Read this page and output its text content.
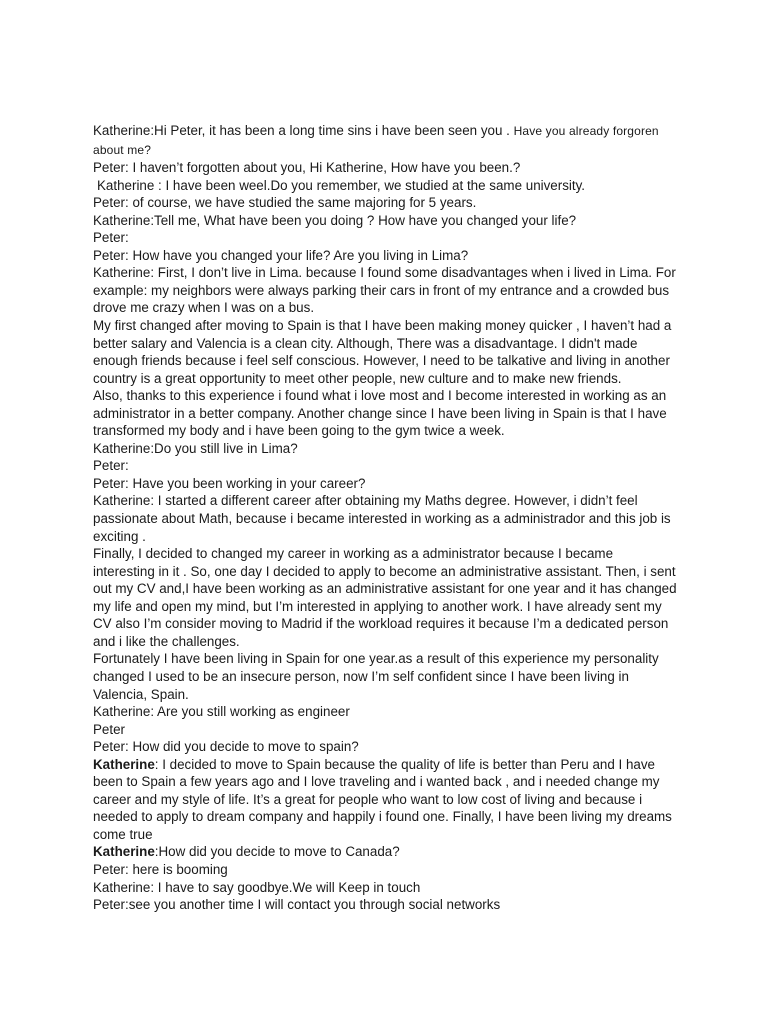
Katherine:Hi Peter, it has been a long time sins i have been seen you . Have you already forgoren about me?

Peter: I haven’t forgotten about you, Hi Katherine, How have you been.?

Katherine : I have been weel.Do you remember, we studied at the same university.

Peter: of course, we have studied the same majoring for 5 years.

Katherine:Tell me, What have been you doing ? How have you changed your life?

Peter:

Peter: How have you changed your life? Are you living in Lima?

Katherine: First, I don’t live in Lima. because I found some disadvantages when i lived in Lima. For example: my neighbors were always parking their cars in front of my entrance and a crowded bus drove me crazy when I was on a bus.

My first changed after moving to Spain is that I have been making money quicker , I haven’t had a better salary and Valencia is a clean city. Although, There was a disadvantage. I didn't made enough friends because i feel self conscious. However, I need to be talkative and living in another country is a great opportunity to meet other people, new culture and to make new friends.

Also, thanks to this experience i found what i love most and I become interested in working as an administrator in a better company. Another change since I have been living in Spain is that I have transformed my body and i have been going to the gym twice a week.

Katherine:Do you still live in Lima?

Peter:

Peter: Have you been working in your career?

Katherine: I started a different career after obtaining my Maths degree. However, i didn’t feel passionate about Math, because i became interested in working as a administrador and this job is exciting .

Finally, I decided to changed my career in working as a administrator because I became interesting in it . So, one day I decided to apply to become an administrative assistant. Then, i sent out my CV and,I have been working as an administrative assistant for one year and it has changed my life and open my mind, but I’m interested in applying to another work. I have already sent my CV also I’m consider moving to Madrid if the workload requires it because I’m a dedicated person and i like the challenges.

Fortunately I have been living in Spain for one year.as a result of this experience my personality changed I used to be an insecure person, now I’m self confident since I have been living in Valencia, Spain.

Katherine: Are you still working as engineer

Peter

Peter: How did you decide to move to spain?

Katherine: I decided to move to Spain because the quality of life is better than Peru and I have been to Spain a few years ago and I love traveling and i wanted back , and i needed change my career and my style of life. It’s a great for people who want to low cost of living and because i needed to apply to dream company and happily i found one. Finally, I have been living my dreams come true

Katherine:How did you decide to move to Canada?

Peter: here is booming

Katherine: I have to say goodbye.We will Keep in touch

Peter:see you another time I will contact you through social networks
